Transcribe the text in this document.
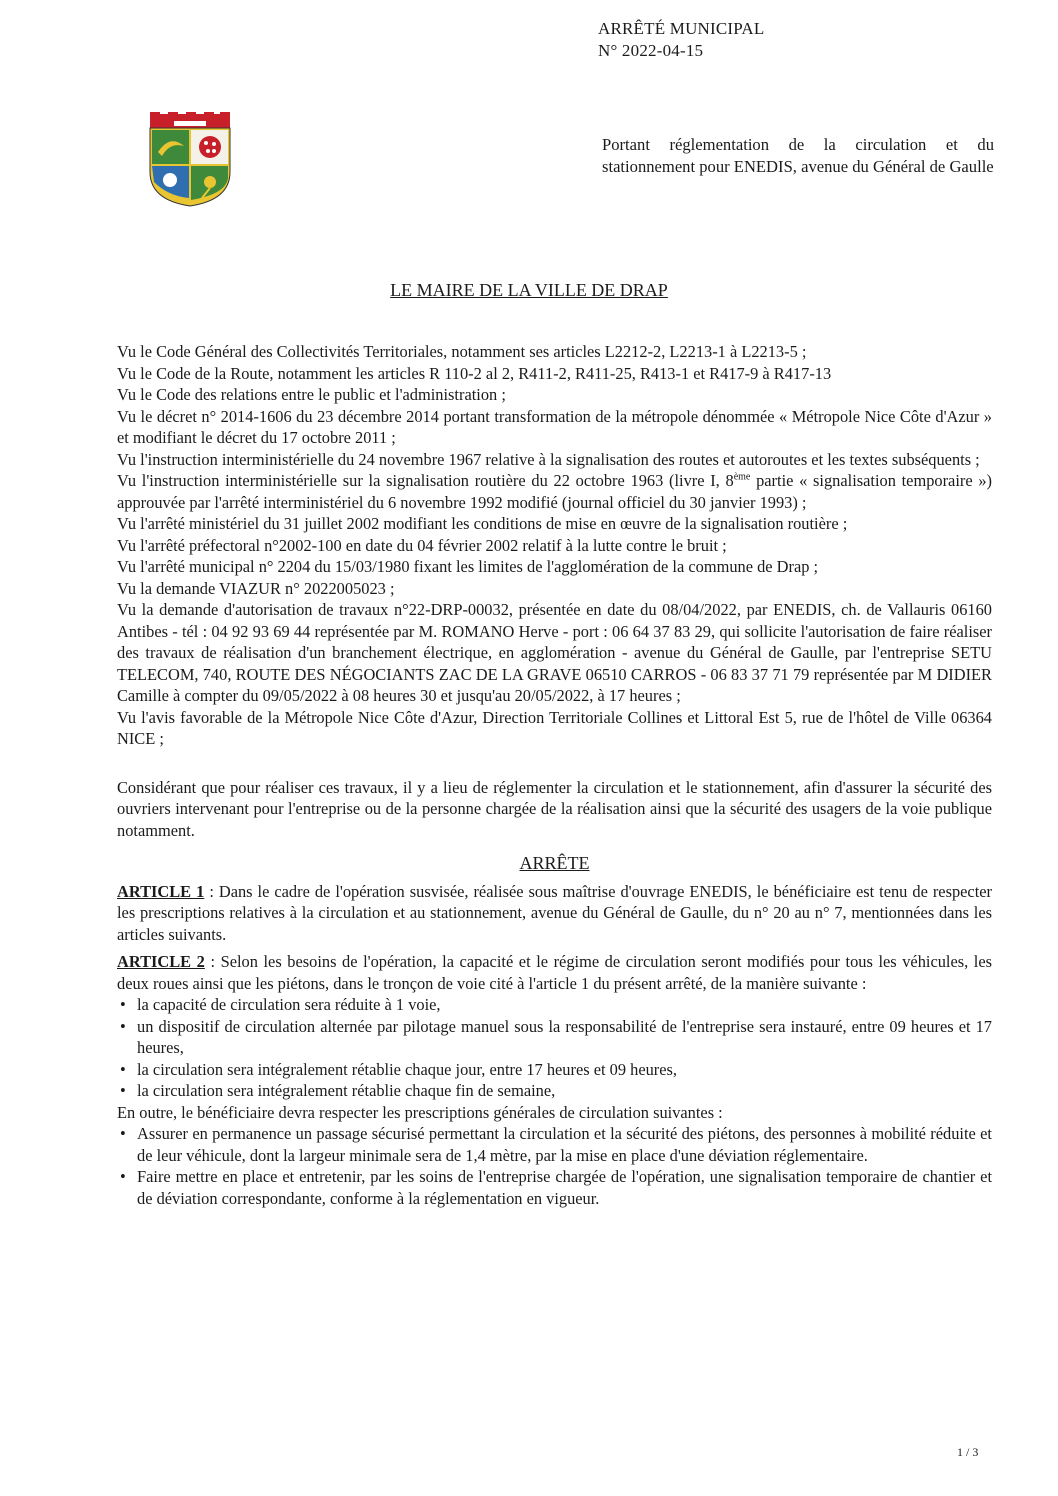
ARRÊTÉ MUNICIPAL
N° 2022-04-15
Portant réglementation de la circulation et du stationnement pour ENEDIS, avenue du Général de Gaulle
LE MAIRE DE LA VILLE DE DRAP

Vu le Code Général des Collectivités Territoriales, notamment ses articles L2212-2, L2213-1 à L2213-5 ;

Vu le Code de la Route, notamment les articles R 110-2 al 2, R411-2, R411-25, R413-1 et R417-9 à R417-13

Vu le Code des relations entre le public et l'administration ;

Vu le décret n° 2014-1606 du 23 décembre 2014 portant transformation de la métropole dénommée « Métropole Nice Côte d'Azur » et modifiant le décret du 17 octobre 2011 ;

Vu l'instruction interministérielle du 24 novembre 1967 relative à la signalisation des routes et autoroutes et les textes subséquents ;

Vu l'instruction interministérielle sur la signalisation routière du 22 octobre 1963 (livre I, 8ème partie « signalisation temporaire ») approuvée par l'arrêté interministériel du 6 novembre 1992 modifié (journal officiel du 30 janvier 1993) ;

Vu l'arrêté ministériel du 31 juillet 2002 modifiant les conditions de mise en œuvre de la signalisation routière ;

Vu l'arrêté préfectoral n°2002-100 en date du 04 février 2002 relatif à la lutte contre le bruit ;

Vu l'arrêté municipal n° 2204 du 15/03/1980 fixant les limites de l'agglomération de la commune de Drap ;

Vu la demande VIAZUR n° 2022005023 ;

Vu la demande d'autorisation de travaux n°22-DRP-00032, présentée en date du 08/04/2022, par ENEDIS, ch. de Vallauris 06160 Antibes - tél : 04 92 93 69 44 représentée par M. ROMANO Herve - port : 06 64 37 83 29, qui sollicite l'autorisation de faire réaliser des travaux de réalisation d'un branchement électrique, en agglomération - avenue du Général de Gaulle, par l'entreprise SETU TELECOM, 740, ROUTE DES NÉGOCIANTS ZAC DE LA GRAVE 06510 CARROS - 06 83 37 71 79 représentée par M DIDIER Camille à compter du 09/05/2022 à 08 heures 30 et jusqu'au 20/05/2022, à 17 heures ;

Vu l'avis favorable de la Métropole Nice Côte d'Azur, Direction Territoriale Collines et Littoral Est 5, rue de l'hôtel de Ville 06364 NICE ;

Considérant que pour réaliser ces travaux, il y a lieu de réglementer la circulation et le stationnement, afin d'assurer la sécurité des ouvriers intervenant pour l'entreprise ou de la personne chargée de la réalisation ainsi que la sécurité des usagers de la voie publique notamment.

ARRÊTE

ARTICLE 1 : Dans le cadre de l'opération susvisée, réalisée sous maîtrise d'ouvrage ENEDIS, le bénéficiaire est tenu de respecter les prescriptions relatives à la circulation et au stationnement, avenue du Général de Gaulle, du n° 20 au n° 7, mentionnées dans les articles suivants.

ARTICLE 2 : Selon les besoins de l'opération, la capacité et le régime de circulation seront modifiés pour tous les véhicules, les deux roues ainsi que les piétons, dans le tronçon de voie cité à l'article 1 du présent arrêté, de la manière suivante :

• la capacité de circulation sera réduite à 1 voie,
• un dispositif de circulation alternée par pilotage manuel sous la responsabilité de l'entreprise sera instauré, entre 09 heures et 17 heures,
• la circulation sera intégralement rétablie chaque jour, entre 17 heures et 09 heures,
• la circulation sera intégralement rétablie chaque fin de semaine,

En outre, le bénéficiaire devra respecter les prescriptions générales de circulation suivantes :

• Assurer en permanence un passage sécurisé permettant la circulation et la sécurité des piétons, des personnes à mobilité réduite et de leur véhicule, dont la largeur minimale sera de 1,4 mètre, par la mise en place d'une déviation réglementaire.
• Faire mettre en place et entretenir, par les soins de l'entreprise chargée de l'opération, une signalisation temporaire de chantier et de déviation correspondante, conforme à la réglementation en vigueur.
1 / 3
